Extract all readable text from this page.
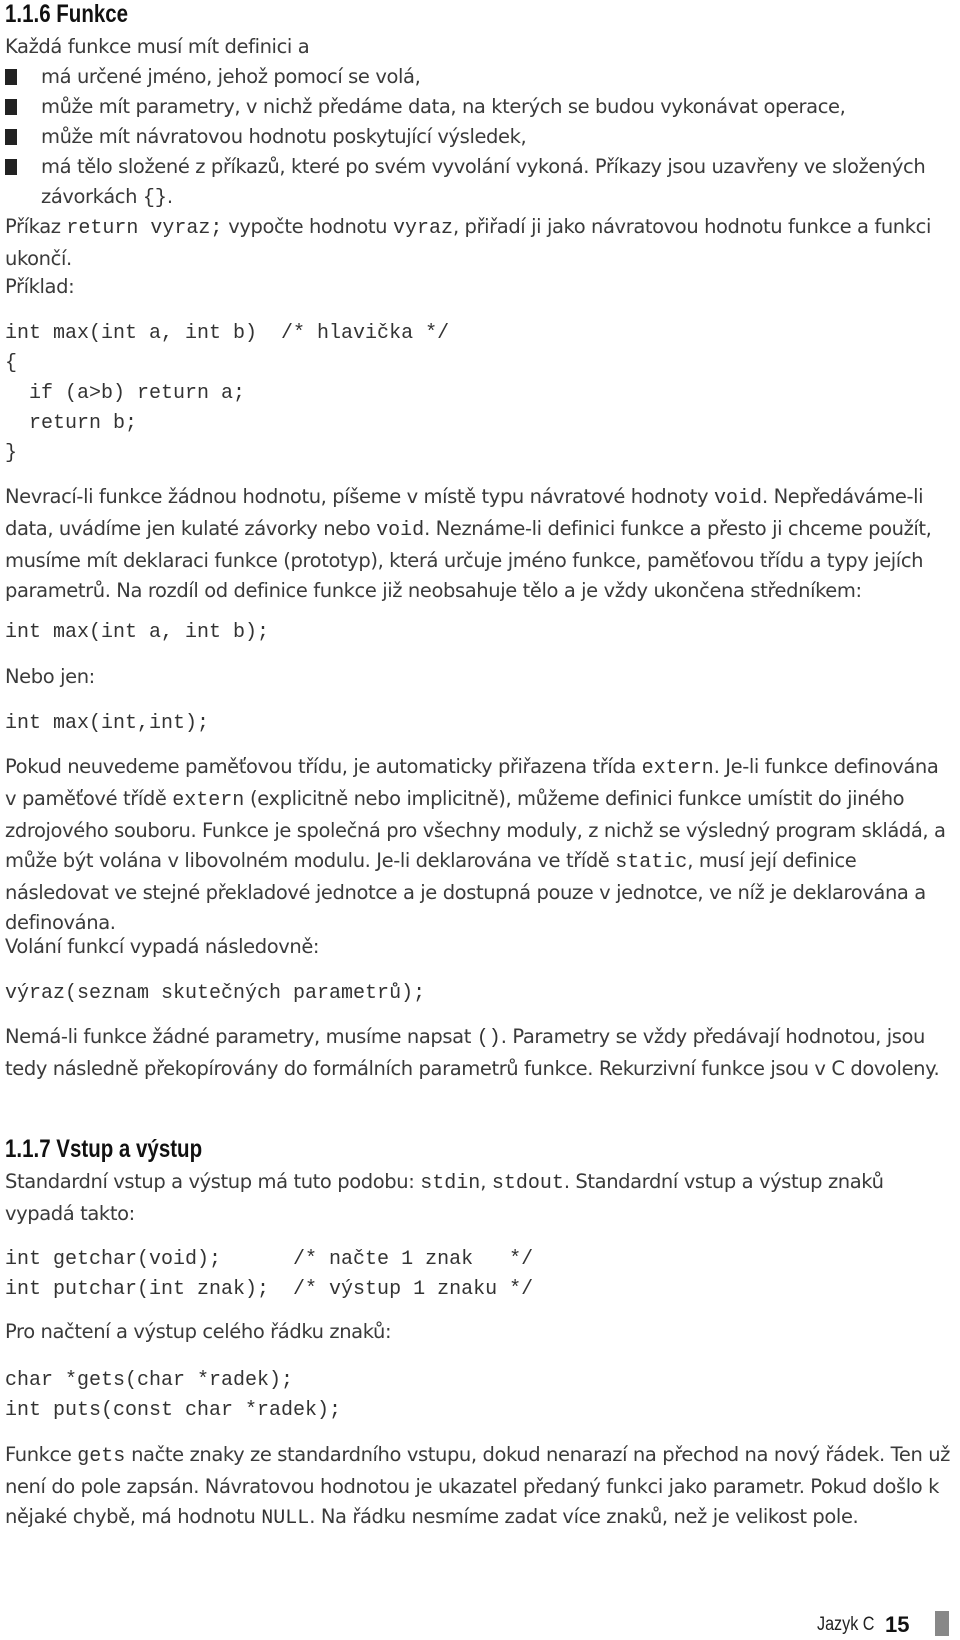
1.1.6 Funkce

Každá funkce musí mít definici a

má určené jméno, jehož pomocí se volá,
může mít parametry, v nichž předáme data, na kterých se budou vykonávat operace,
může mít návratovou hodnotu poskytující výsledek,
má tělo složené z příkazů, které po svém vyvolání vykoná. Příkazy jsou uzavřeny ve složených závorkách {}.

Příkaz return vyraz; vypočte hodnotu vyraz, přiřadí ji jako návratovou hodnotu funkce a funkci ukončí.

Příklad:

int max(int a, int b)  /* hlavička */
{
if (a>b) return a;
return b;
}

Nevrací-li funkce žádnou hodnotu, píšeme v místě typu návratové hodnoty void. Nepředáváme-li data, uvádíme jen kulaté závorky nebo void. Neznáme-li definici funkce a přesto ji chceme použít, musíme mít deklaraci funkce (prototyp), která určuje jméno funkce, paměťovou třídu a typy jejích parametrů. Na rozdíl od definice funkce již neobsahuje tělo a je vždy ukončena středníkem:

int max(int a, int b);

Nebo jen:

int max(int,int);

Pokud neuvedeme paměťovou třídu, je automaticky přiřazena třída extern. Je-li funkce definována v paměťové třídě extern (explicitně nebo implicitně), můžeme definici funkce umístit do jiného zdrojového souboru. Funkce je společná pro všechny moduly, z nichž se výsledný program skládá, a může být volána v libovolném modulu. Je-li deklarována ve třídě static, musí její definice následovat ve stejné překladové jednotce a je dostupná pouze v jednotce, ve níž je deklarována a definována.

Volání funkcí vypadá následovně:

výraz(seznam skutečných parametrů);

Nemá-li funkce žádné parametry, musíme napsat (). Parametry se vždy předávají hodnotou, jsou tedy následně překopírovány do formálních parametrů funkce. Rekurzivní funkce jsou v C dovoleny.

1.1.7 Vstup a výstup

Standardní vstup a výstup má tuto podobu: stdin, stdout. Standardní vstup a výstup znaků vypadá takto:

int getchar(void);      /* načte 1 znak   */
int putchar(int znak);  /* výstup 1 znaku */

Pro načtení a výstup celého řádku znaků:

char *gets(char *radek);
int puts(const char *radek);

Funkce gets načte znaky ze standardního vstupu, dokud nenarazí na přechod na nový řádek. Ten už není do pole zapsán. Návratovou hodnotou je ukazatel předaný funkci jako parametr. Pokud došlo k nějaké chybě, má hodnotu NULL. Na řádku nesmíme zadat více znaků, než je velikost pole.

Jazyk C 15
